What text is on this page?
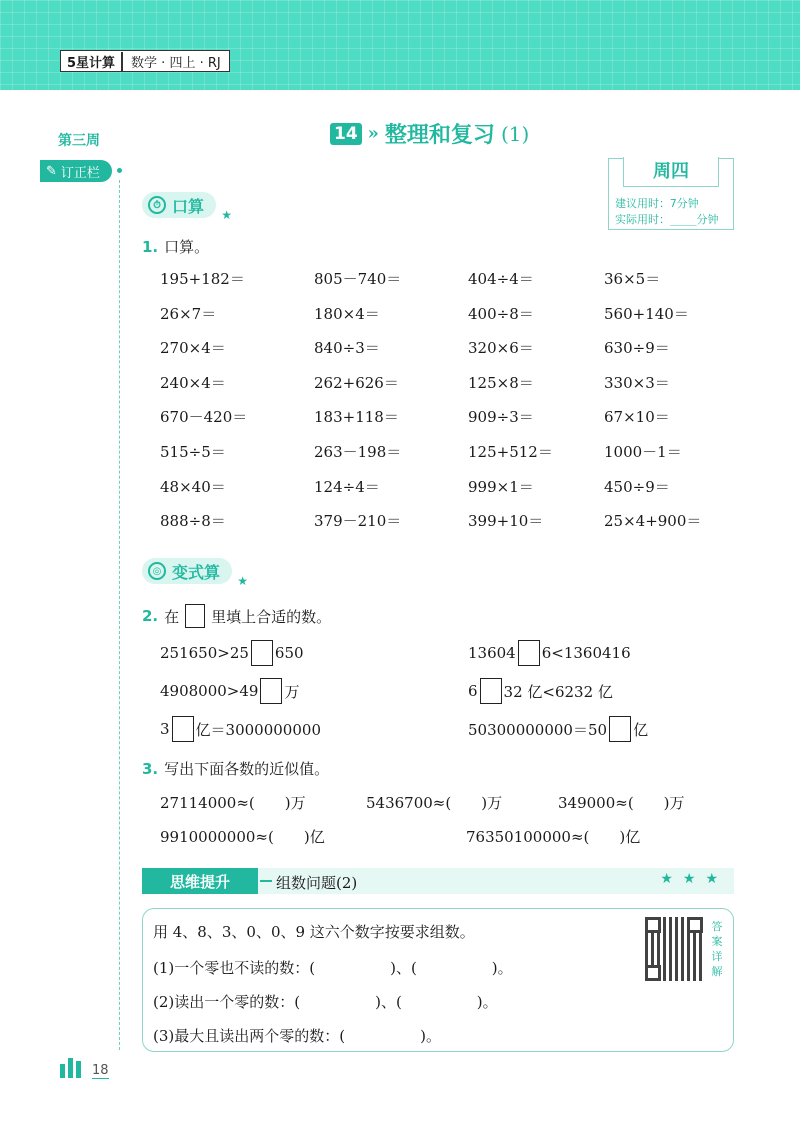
5星计算	数学 · 四上 · RJ
第三周
✎ 订正栏
14 » 整理和复习 (1)
周四
建议用时：7分钟
实际用时：____分钟
⏱ 口算 ★
1. 口算。
195+182＝	805－740＝	404÷4＝	36×5＝
26×7＝	180×4＝	400÷8＝	560+140＝
270×4＝	840÷3＝	320×6＝	630÷9＝
240×4＝	262+626＝	125×8＝	330×3＝
670－420＝	183+118＝	909÷3＝	67×10＝
515÷5＝	263－198＝	125+512＝	1000－1＝
48×40＝	124÷4＝	999×1＝	450÷9＝
888÷8＝	379－210＝	399+10＝	25×4+900＝
◎ 变式算 ★
2. 在 里填上合适的数。
251650>25 650	13604 6<1360416
4908000>49 万	6 32 亿<6232 亿
3 亿＝3000000000	50300000000＝50 亿
3. 写出下面各数的近似值。
27114000≈(　　)万	5436700≈(　　)万	349000≈(　　)万
9910000000≈(　　)亿	76350100000≈(　　)亿
思维提升	组数问题(2)	★★★
用 4、8、3、0、0、9 这六个数字按要求组数。
(1)一个零也不读的数：(　　　　　)、(　　　　　)。
(2)读出一个零的数：(　　　　　)、(　　　　　)。
(3)最大且读出两个零的数：(　　　　　)。
答案详解
18
